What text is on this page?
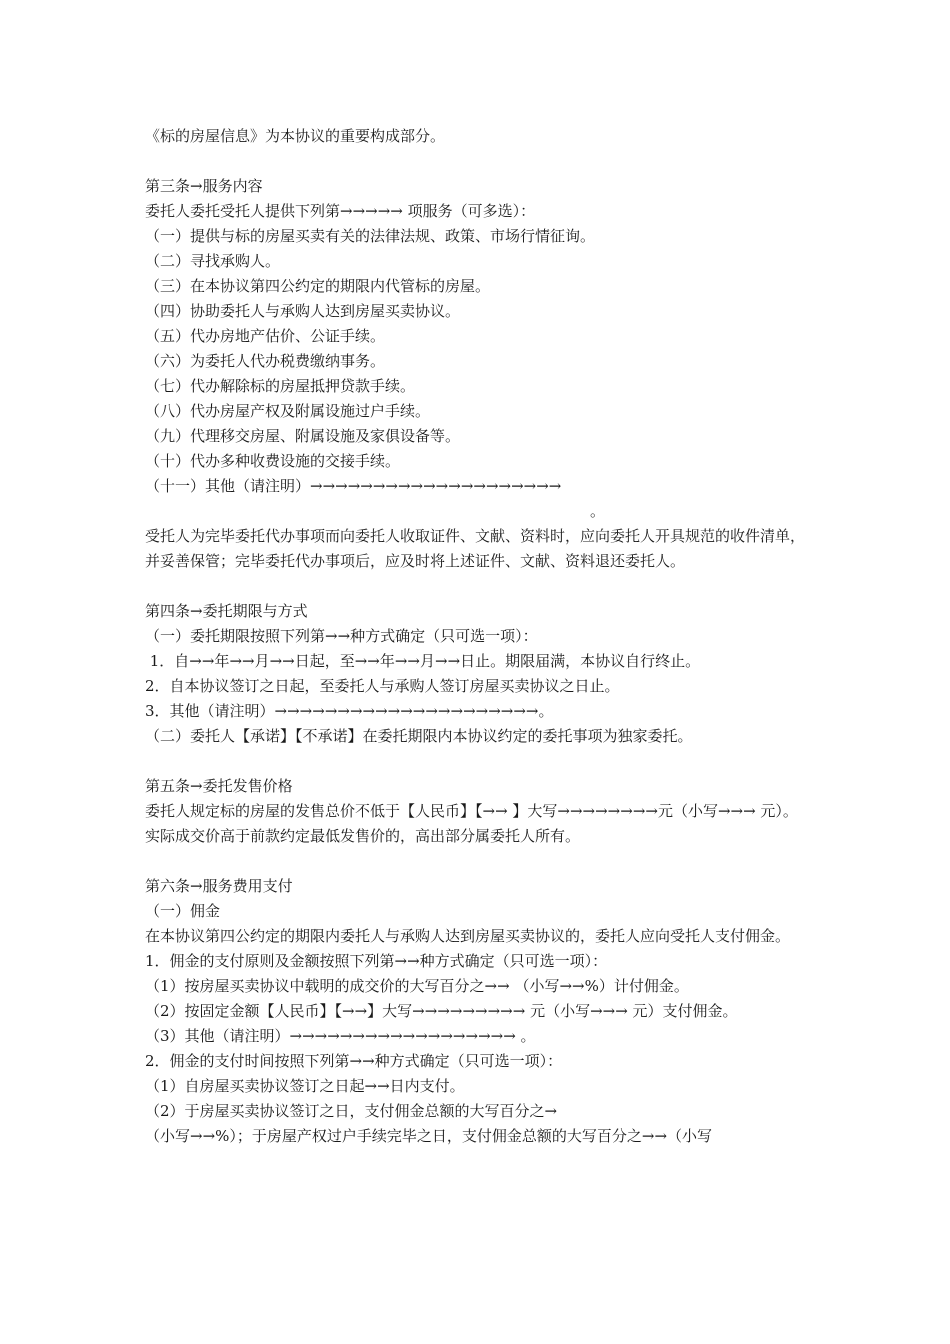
《标的房屋信息》为本协议的重要构成部分。
第三条→服务内容
委托人委托受托人提供下列第→→→→→ 项服务（可多选）：
（一）提供与标的房屋买卖有关的法律法规、政策、市场行情征询。
（二）寻找承购人。
（三）在本协议第四公约定的期限内代管标的房屋。
（四）协助委托人与承购人达到房屋买卖协议。
（五）代办房地产估价、公证手续。
（六）为委托人代办税费缴纳事务。
（七）代办解除标的房屋抵押贷款手续。
（八）代办房屋产权及附属设施过户手续。
（九）代理移交房屋、附属设施及家俱设备等。
（十）代办多种收费设施的交接手续。
（十一）其他（请注明）→→→→→→→→→→→→→→→→→→→→
。
受托人为完毕委托代办事项而向委托人收取证件、文献、资料时，应向委托人开具规范的收件清单，并妥善保管；完毕委托代办事项后，应及时将上述证件、文献、资料退还委托人。
第四条→委托期限与方式
（一）委托期限按照下列第→→种方式确定（只可选一项）：
1．自→→年→→月→→日起，至→→年→→月→→日止。期限届满，本协议自行终止。
2．自本协议签订之日起，至委托人与承购人签订房屋买卖协议之日止。
3．其他（请注明）→→→→→→→→→→→→→→→→→→→→→。
（二）委托人【承诺】【不承诺】在委托期限内本协议约定的委托事项为独家委托。
第五条→委托发售价格
委托人规定标的房屋的发售总价不低于【人民币】【→→ 】大写→→→→→→→→元（小写→→→ 元）。实际成交价高于前款约定最低发售价的，高出部分属委托人所有。
第六条→服务费用支付
（一）佣金
在本协议第四公约定的期限内委托人与承购人达到房屋买卖协议的，委托人应向受托人支付佣金。
1．佣金的支付原则及金额按照下列第→→种方式确定（只可选一项）：
（1）按房屋买卖协议中载明的成交价的大写百分之→→ （小写→→%）计付佣金。
（2）按固定金额【人民币】【→→】大写→→→→→→→→→ 元（小写→→→ 元）支付佣金。
（3）其他（请注明）→→→→→→→→→→→→→→→→→→ 。
2．佣金的支付时间按照下列第→→种方式确定（只可选一项）：
（1）自房屋买卖协议签订之日起→→日内支付。
（2）于房屋买卖协议签订之日，支付佣金总额的大写百分之→
（小写→→%）；于房屋产权过户手续完毕之日，支付佣金总额的大写百分之→→（小写
